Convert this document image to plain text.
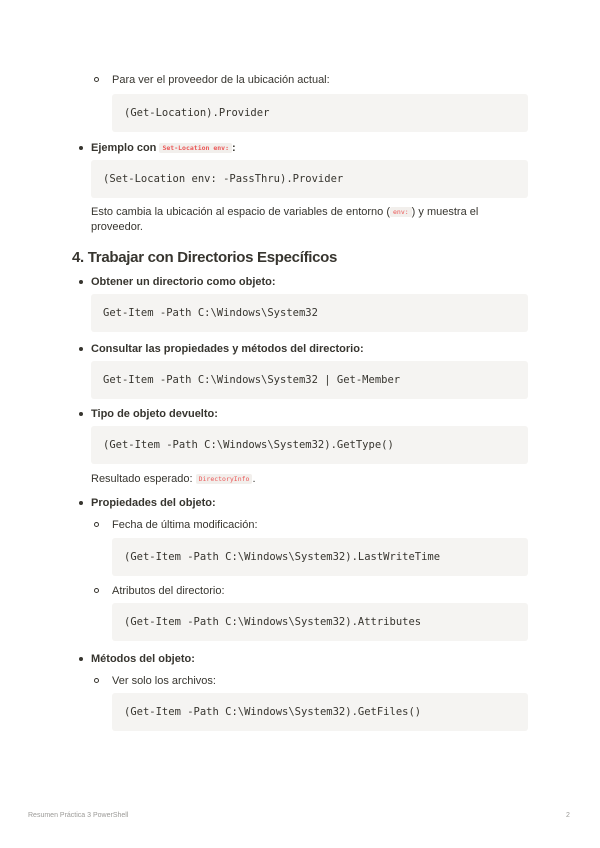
Para ver el proveedor de la ubicación actual:
(Get-Location).Provider
Ejemplo con Set-Location env: :
(Set-Location env: -PassThru).Provider
Esto cambia la ubicación al espacio de variables de entorno ( env: ) y muestra el
proveedor.
4. Trabajar con Directorios Específicos
Obtener un directorio como objeto:
Get-Item -Path C:\Windows\System32
Consultar las propiedades y métodos del directorio:
Get-Item -Path C:\Windows\System32 | Get-Member
Tipo de objeto devuelto:
(Get-Item -Path C:\Windows\System32).GetType()
Resultado esperado: DirectoryInfo .
Propiedades del objeto:
Fecha de última modificación:
(Get-Item -Path C:\Windows\System32).LastWriteTime
Atributos del directorio:
(Get-Item -Path C:\Windows\System32).Attributes
Métodos del objeto:
Ver solo los archivos:
(Get-Item -Path C:\Windows\System32).GetFiles()
Resumen Práctica 3 PowerShell	2
